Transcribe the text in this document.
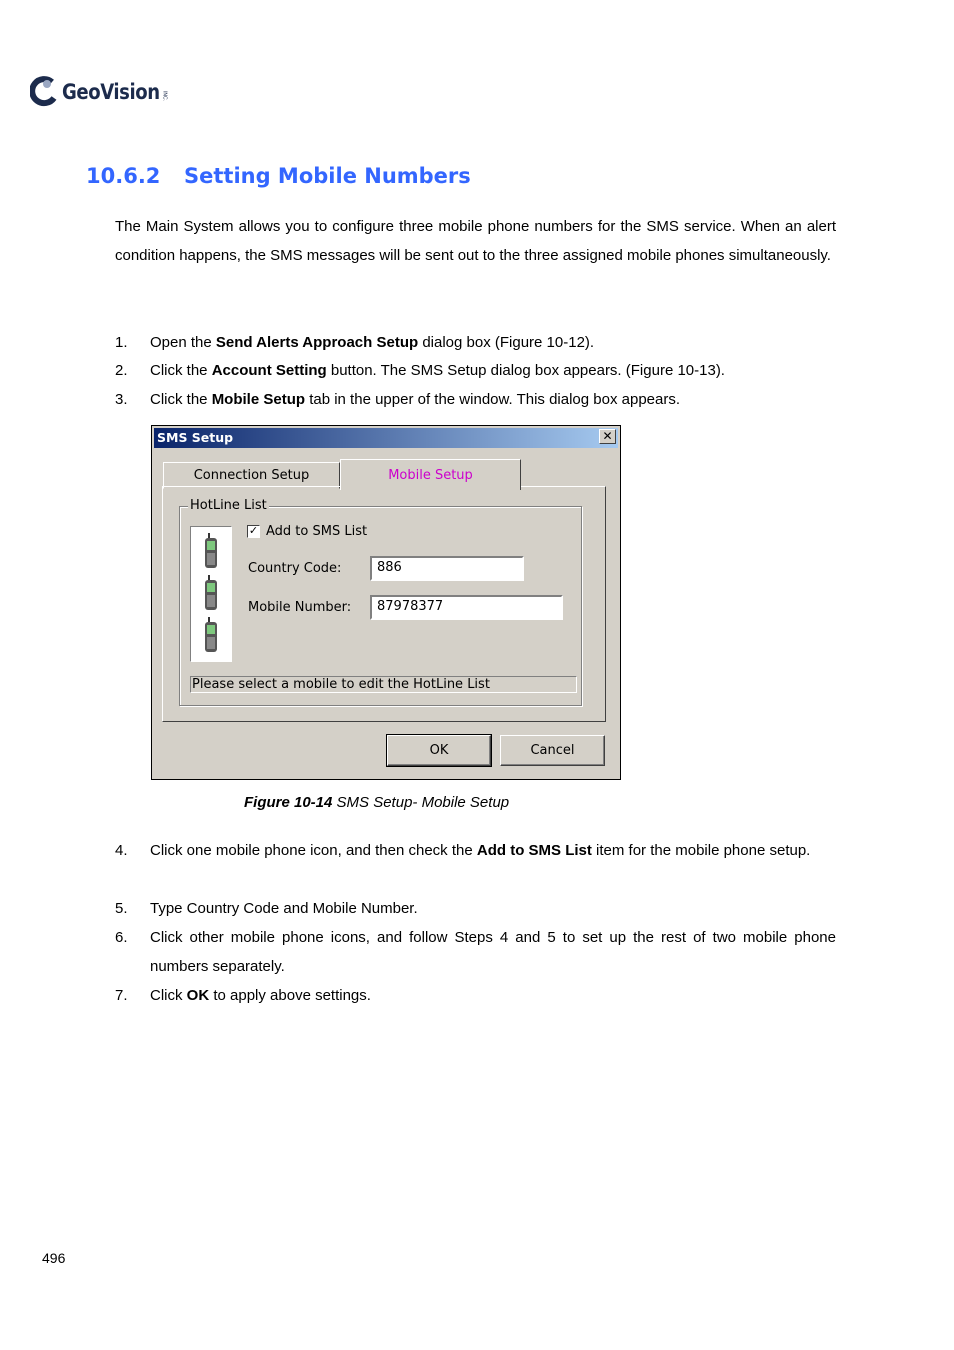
GeoVision INC.
10.6.2 Setting Mobile Numbers
The Main System allows you to configure three mobile phone numbers for the SMS service. When an alert condition happens, the SMS messages will be sent out to the three assigned mobile phones simultaneously.
1. Open the Send Alerts Approach Setup dialog box (Figure 10-12).
2. Click the Account Setting button. The SMS Setup dialog box appears. (Figure 10-13).
3. Click the Mobile Setup tab in the upper of the window. This dialog box appears.
SMS Setup	✕
Connection Setup	Mobile Setup
HotLine List
✓ Add to SMS List
Country Code:	886
Mobile Number:	87978377
Please select a mobile to edit the HotLine List
OK	Cancel
Figure 10-14 SMS Setup- Mobile Setup
4. Click one mobile phone icon, and then check the Add to SMS List item for the mobile phone setup.
5. Type Country Code and Mobile Number.
6. Click other mobile phone icons, and follow Steps 4 and 5 to set up the rest of two mobile phone numbers separately.
7. Click OK to apply above settings.
496
